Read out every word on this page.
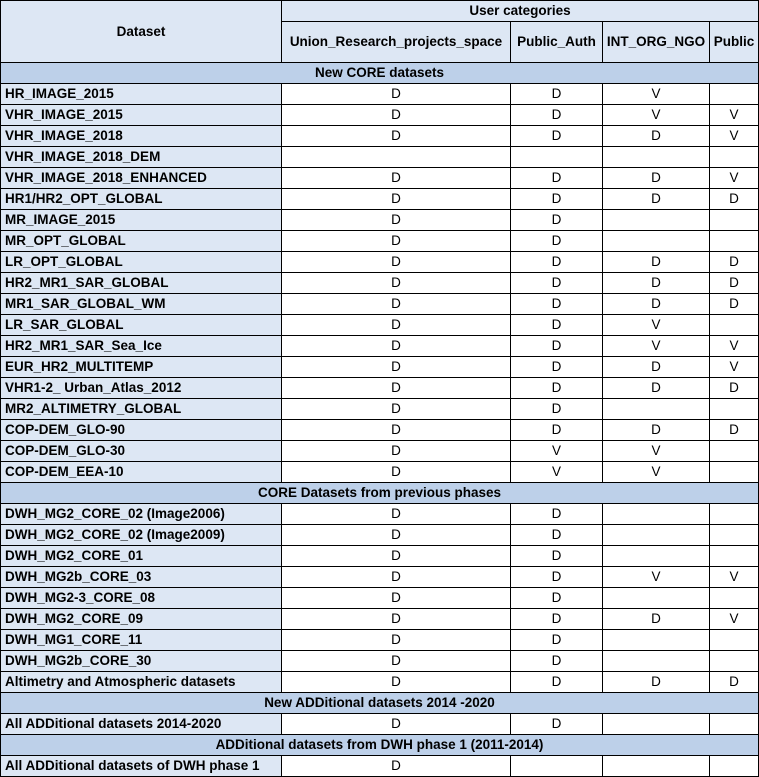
Dataset	User categories			
	Union_Research_projects_space	Public_Auth	INT_ORG_NGO	Public
New CORE datasets				
HR_IMAGE_2015	D	D	V	
VHR_IMAGE_2015	D	D	V	V
VHR_IMAGE_2018	D	D	D	V
VHR_IMAGE_2018_DEM				
VHR_IMAGE_2018_ENHANCED	D	D	D	V
HR1/HR2_OPT_GLOBAL	D	D	D	D
MR_IMAGE_2015	D	D		
MR_OPT_GLOBAL	D	D		
LR_OPT_GLOBAL	D	D	D	D
HR2_MR1_SAR_GLOBAL	D	D	D	D
MR1_SAR_GLOBAL_WM	D	D	D	D
LR_SAR_GLOBAL	D	D	V	
HR2_MR1_SAR_Sea_Ice	D	D	V	V
EUR_HR2_MULTITEMP	D	D	D	V
VHR1-2_ Urban_Atlas_2012	D	D	D	D
MR2_ALTIMETRY_GLOBAL	D	D		
COP-DEM_GLO-90	D	D	D	D
COP-DEM_GLO-30	D	V	V	
COP-DEM_EEA-10	D	V	V	
CORE Datasets from previous phases				
DWH_MG2_CORE_02 (Image2006)	D	D		
DWH_MG2_CORE_02 (Image2009)	D	D		
DWH_MG2_CORE_01	D	D		
DWH_MG2b_CORE_03	D	D	V	V
DWH_MG2-3_CORE_08	D	D		
DWH_MG2_CORE_09	D	D	D	V
DWH_MG1_CORE_11	D	D		
DWH_MG2b_CORE_30	D	D		
Altimetry and Atmospheric datasets	D	D	D	D
New ADDitional datasets 2014 -2020				
All ADDitional datasets 2014-2020	D	D		
ADDitional datasets from DWH phase 1 (2011-2014)				
All ADDitional datasets of DWH phase 1	D			
